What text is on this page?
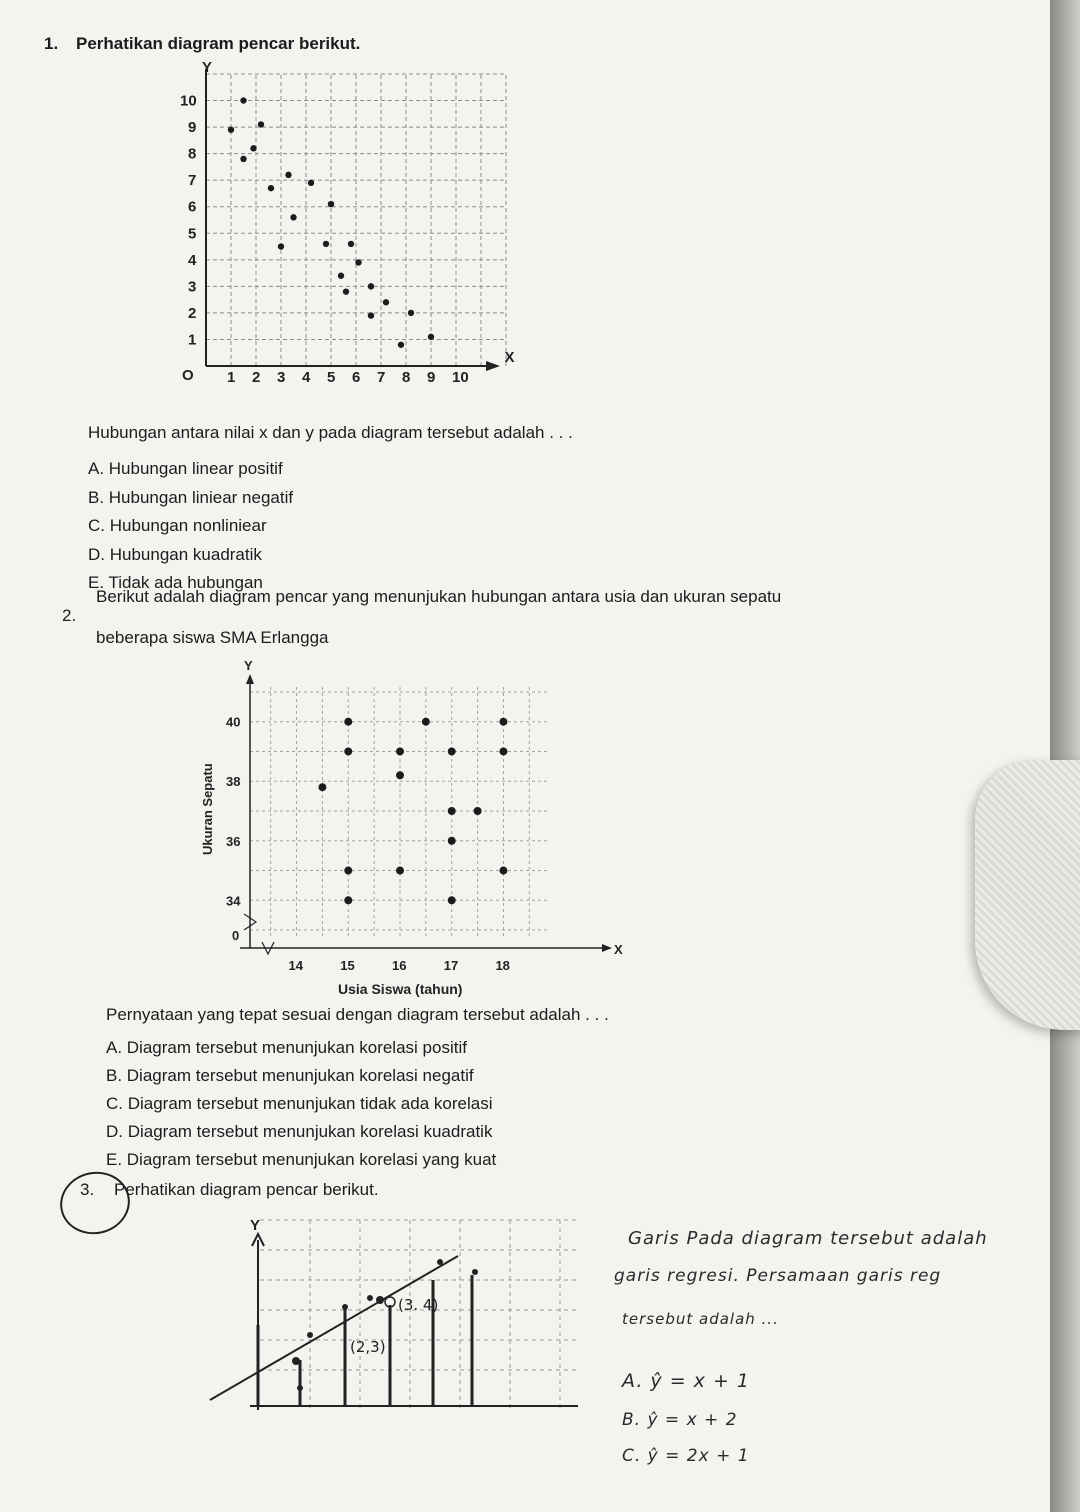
1. Perhatikan diagram pencar berikut.
X
Y
O 1 2 3 4 5 6 7 8 9 10
1
2
3
4
5
6
7
8
9
10
Hubungan antara nilai x dan y pada diagram tersebut adalah . . .
A. Hubungan linear positif
B. Hubungan liniear negatif
C. Hubungan nonliniear
D. Hubungan kuadratik
E. Tidak ada hubungan
2.
Berikut adalah diagram pencar yang menunjukan hubungan antara usia dan ukuran sepatu
beberapa siswa SMA Erlangga
X
Y
0
14	15	16	17	18
34
36
38
40
Usia Siswa (tahun)
Ukuran Sepatu
Pernyataan yang tepat sesuai dengan diagram tersebut adalah . . .
A. Diagram tersebut menunjukan korelasi positif
B. Diagram tersebut menunjukan korelasi negatif
C. Diagram tersebut menunjukan tidak ada korelasi
D. Diagram tersebut menunjukan korelasi kuadratik
E. Diagram tersebut menunjukan korelasi yang kuat
3. Perhatikan diagram pencar berikut.
Y
(3. 4)
(2,3)
Garis Pada diagram tersebut adalah
garis regresi. Persamaan garis reg
tersebut adalah ...
A. ŷ = x + 1
B. ŷ = x + 2
C. ŷ = 2x + 1
